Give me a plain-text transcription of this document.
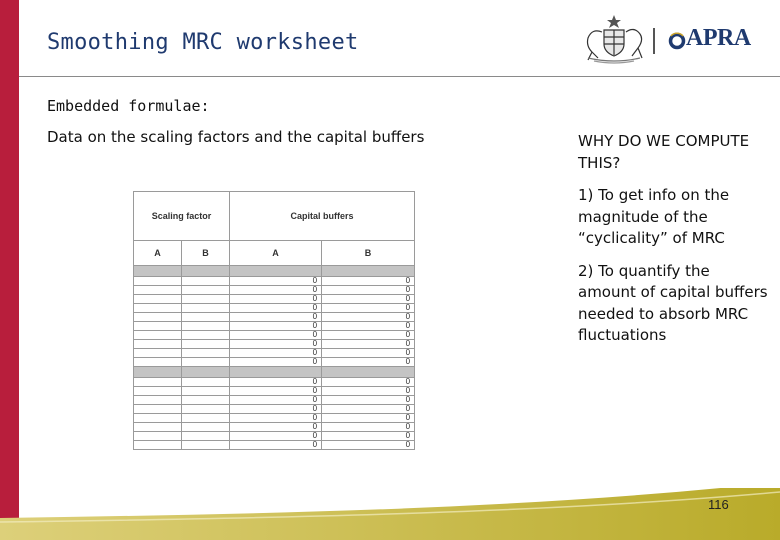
Smoothing MRC worksheet	APRA
Embedded formulae:
Data on the scaling factors and the capital buffers
Scaling factor		Capital buffers	
A	B	A	B

		0	0
		0	0
		0	0
		0	0
		0	0
		0	0
		0	0
		0	0
		0	0
		0	0

		0	0
		0	0
		0	0
		0	0
		0	0
		0	0
		0	0
		0	0
WHY DO WE COMPUTE THIS?
1) To get info on the magnitude of the “cyclicality” of MRC
2) To quantify the amount of capital buffers needed to absorb MRC fluctuations
116
